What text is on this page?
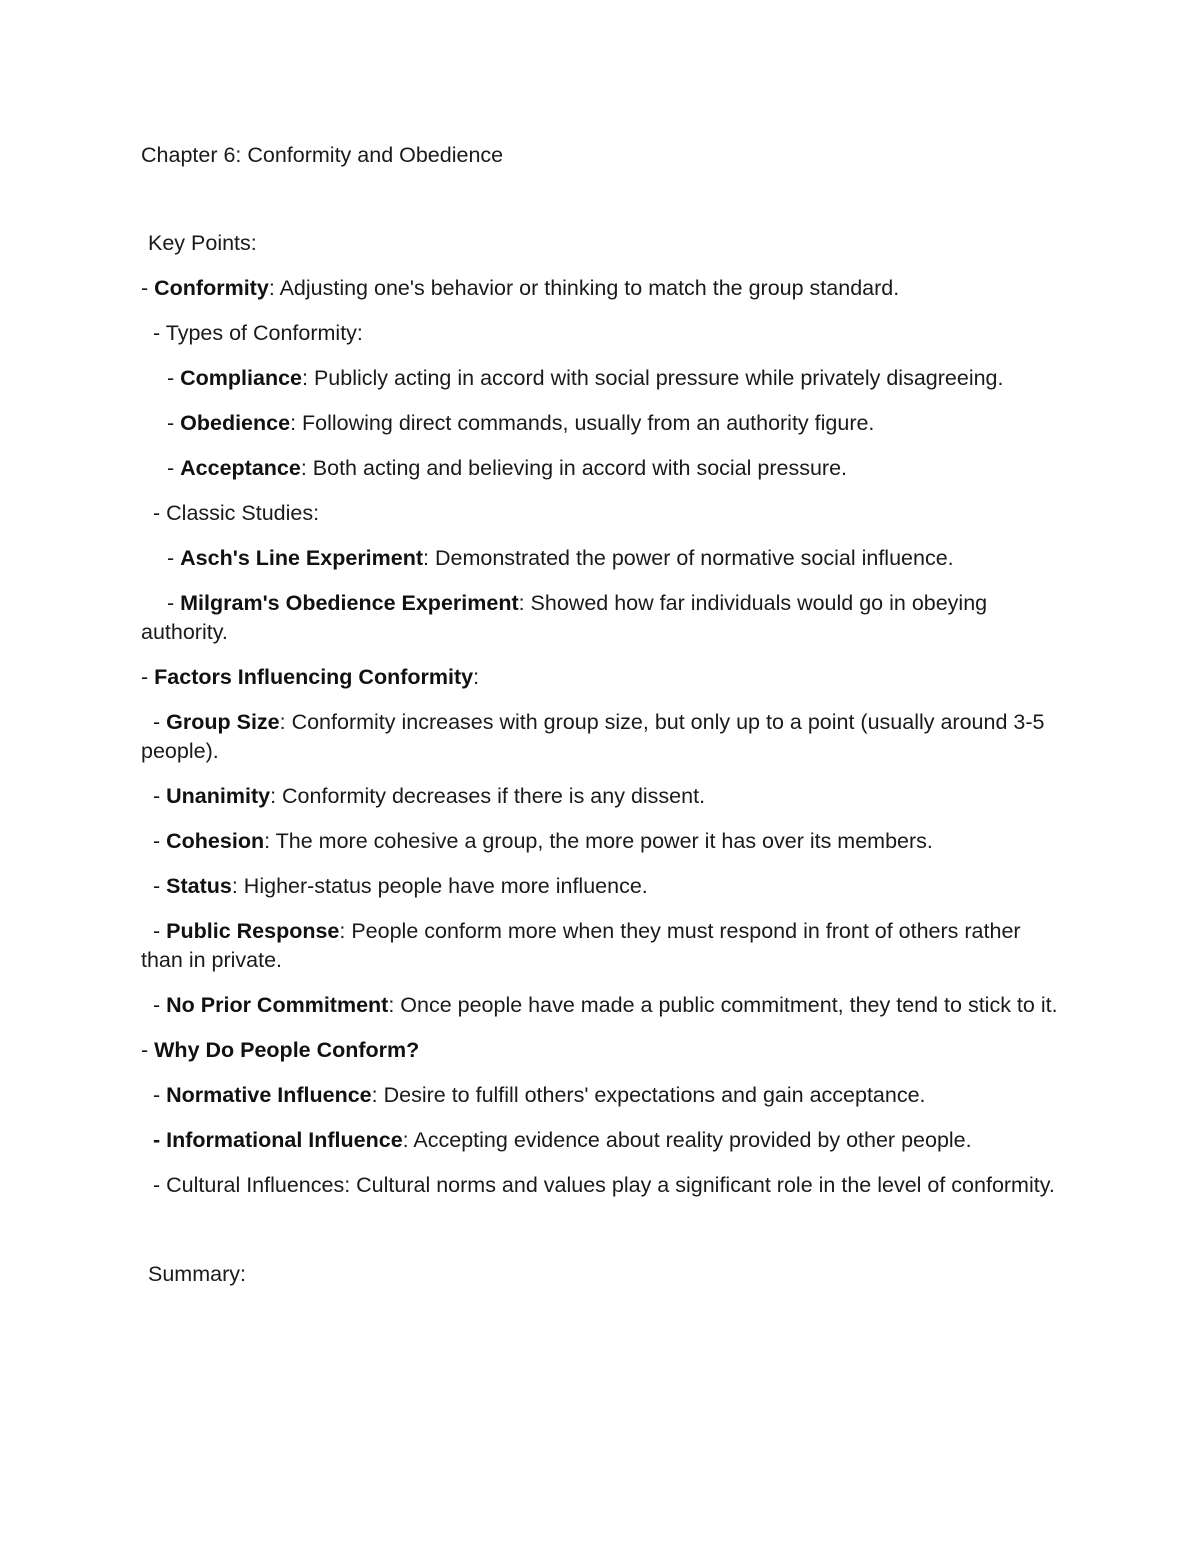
Chapter 6: Conformity and Obedience
Key Points:
- Conformity: Adjusting one's behavior or thinking to match the group standard.
- Types of Conformity:
- Compliance: Publicly acting in accord with social pressure while privately disagreeing.
- Obedience: Following direct commands, usually from an authority figure.
- Acceptance: Both acting and believing in accord with social pressure.
- Classic Studies:
- Asch's Line Experiment: Demonstrated the power of normative social influence.
- Milgram's Obedience Experiment: Showed how far individuals would go in obeying authority.
- Factors Influencing Conformity:
- Group Size: Conformity increases with group size, but only up to a point (usually around 3-5 people).
- Unanimity: Conformity decreases if there is any dissent.
- Cohesion: The more cohesive a group, the more power it has over its members.
- Status: Higher-status people have more influence.
- Public Response: People conform more when they must respond in front of others rather than in private.
- No Prior Commitment: Once people have made a public commitment, they tend to stick to it.
- Why Do People Conform?
- Normative Influence: Desire to fulfill others' expectations and gain acceptance.
- Informational Influence: Accepting evidence about reality provided by other people.
- Cultural Influences: Cultural norms and values play a significant role in the level of conformity.
Summary:
